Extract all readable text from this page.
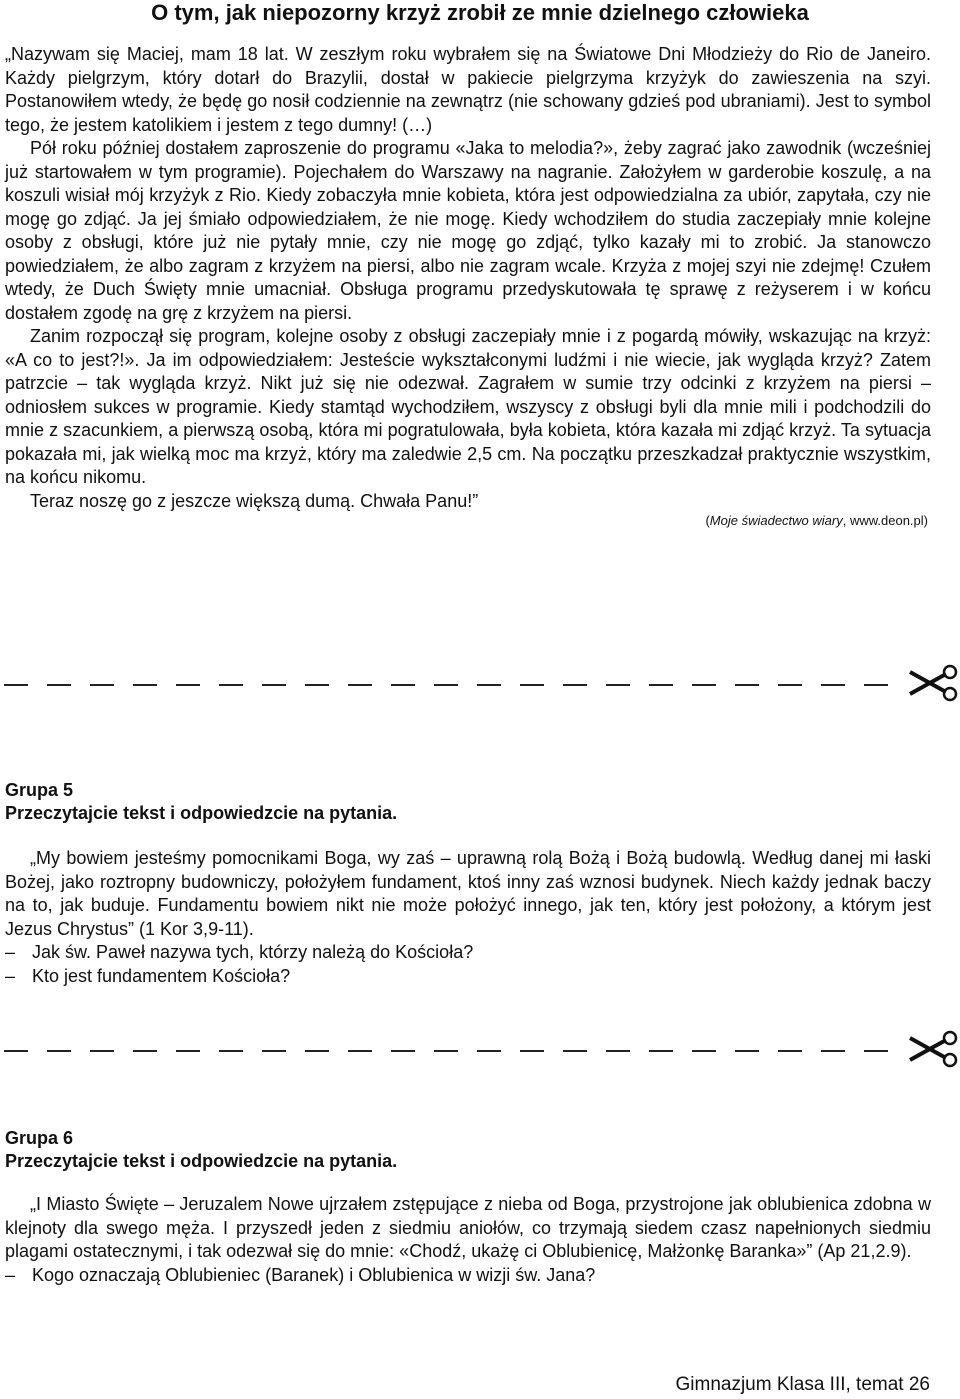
O tym, jak niepozorny krzyż zrobił ze mnie dzielnego człowieka

„Nazywam się Maciej, mam 18 lat. W zeszłym roku wybrałem się na Światowe Dni Młodzieży do Rio de Janeiro. Każdy pielgrzym, który dotarł do Brazylii, dostał w pakiecie pielgrzyma krzyżyk do zawieszenia na szyi. Postanowiłem wtedy, że będę go nosił codziennie na zewnątrz (nie schowany gdzieś pod ubraniami). Jest to symbol tego, że jestem katolikiem i jestem z tego dumny! (…)

Pół roku później dostałem zaproszenie do programu «Jaka to melodia?», żeby zagrać jako zawodnik (wcześniej już startowałem w tym programie). Pojechałem do Warszawy na nagranie. Założyłem w garderobie koszulę, a na koszuli wisiał mój krzyżyk z Rio. Kiedy zobaczyła mnie kobieta, która jest odpowiedzialna za ubiór, zapytała, czy nie mogę go zdjąć. Ja jej śmiało odpowiedziałem, że nie mogę. Kiedy wchodziłem do studia zaczepiały mnie kolejne osoby z obsługi, które już nie pytały mnie, czy nie mogę go zdjąć, tylko kazały mi to zrobić. Ja stanowczo powiedziałem, że albo zagram z krzyżem na piersi, albo nie zagram wcale. Krzyża z mojej szyi nie zdejmę! Czułem wtedy, że Duch Święty mnie umacniał. Obsługa programu przedyskutowała tę sprawę z reżyserem i w końcu dostałem zgodę na grę z krzyżem na piersi.

Zanim rozpoczął się program, kolejne osoby z obsługi zaczepiały mnie i z pogardą mówiły, wskazując na krzyż: «A co to jest?!». Ja im odpowiedziałem: Jesteście wykształconymi ludźmi i nie wiecie, jak wygląda krzyż? Zatem patrzcie – tak wygląda krzyż. Nikt już się nie odezwał. Zagrałem w sumie trzy odcinki z krzyżem na piersi – odniosłem sukces w programie. Kiedy stamtąd wychodziłem, wszyscy z obsługi byli dla mnie mili i podchodzili do mnie z szacunkiem, a pierwszą osobą, która mi pogratulowała, była kobieta, która kazała mi zdjąć krzyż. Ta sytuacja pokazała mi, jak wielką moc ma krzyż, który ma zaledwie 2,5 cm. Na początku przeszkadzał praktycznie wszystkim, na końcu nikomu.

Teraz noszę go z jeszcze większą dumą. Chwała Panu!”

(Moje świadectwo wiary, www.deon.pl)
Grupa 5
Przeczytajcie tekst i odpowiedzcie na pytania.

„My bowiem jesteśmy pomocnikami Boga, wy zaś – uprawną rolą Bożą i Bożą budowlą. Według danej mi łaski Bożej, jako roztropny budowniczy, położyłem fundament, ktoś inny zaś wznosi budynek. Niech każdy jednak baczy na to, jak buduje. Fundamentu bowiem nikt nie może położyć innego, jak ten, który jest położony, a którym jest Jezus Chrystus” (1 Kor 3,9-11).

– Jak św. Paweł nazywa tych, którzy należą do Kościoła?

– Kto jest fundamentem Kościoła?

Grupa 6
Przeczytajcie tekst i odpowiedzcie na pytania.

„I Miasto Święte – Jeruzalem Nowe ujrzałem zstępujące z nieba od Boga, przystrojone jak oblubienica zdobna w klejnoty dla swego męża. I przyszedł jeden z siedmiu aniołów, co trzymają siedem czasz napełnionych siedmiu plagami ostatecznymi, i tak odezwał się do mnie: «Chodź, ukażę ci Oblubienicę, Małżonkę Baranka»” (Ap 21,2.9).

– Kogo oznaczają Oblubieniec (Baranek) i Oblubienica w wizji św. Jana?

Gimnazjum Klasa III, temat 26
